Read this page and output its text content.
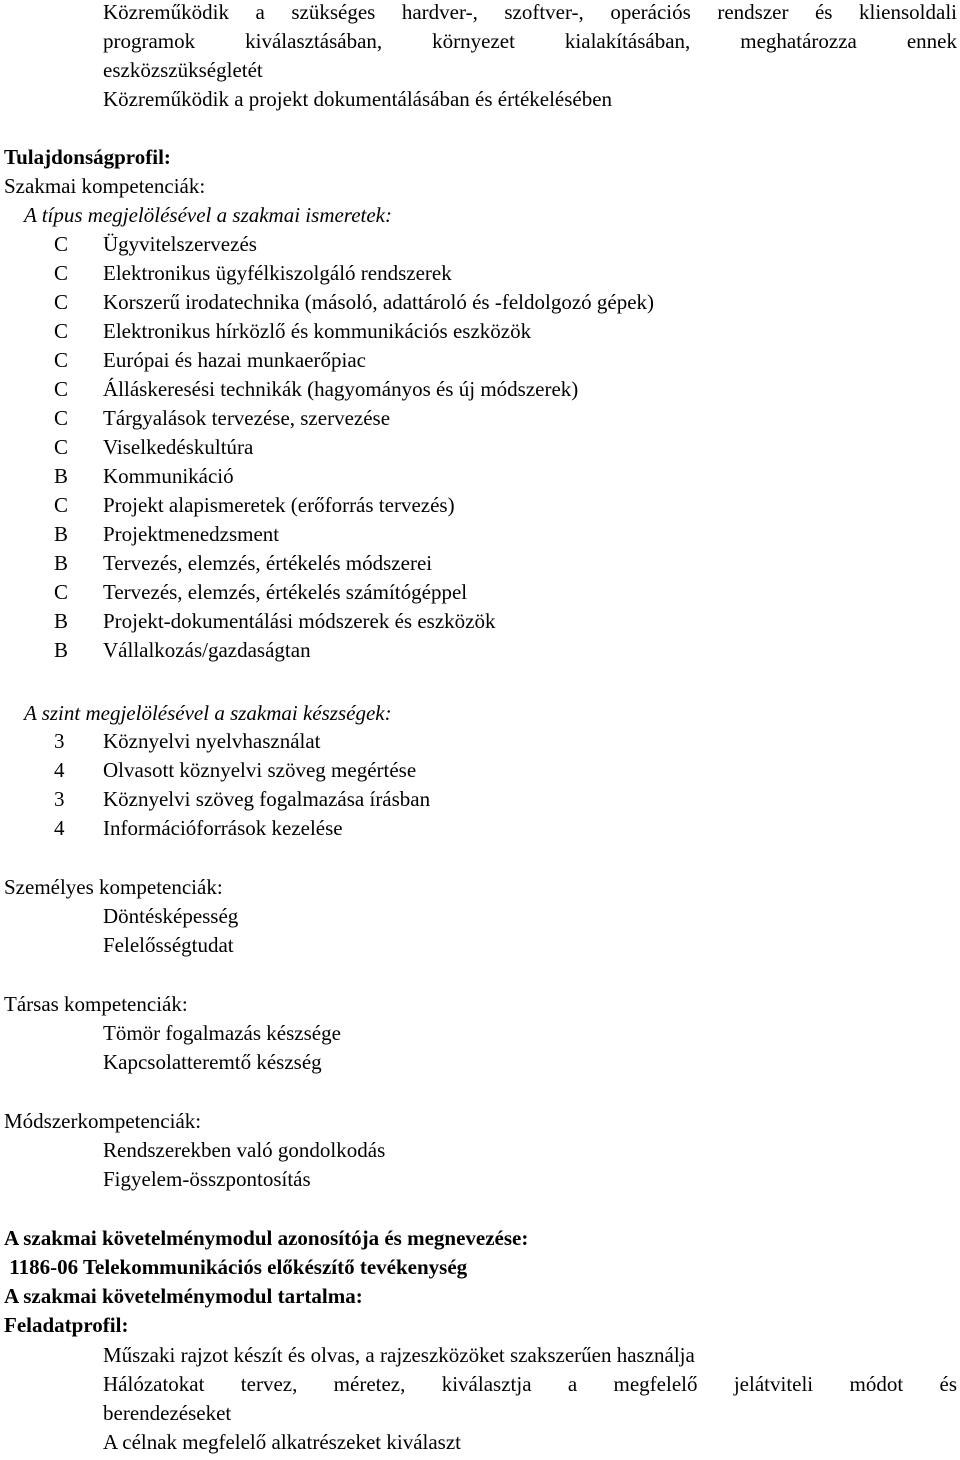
Közreműködik a szükséges hardver-, szoftver-, operációs rendszer és kliensoldali
programok kiválasztásában, környezet kialakításában, meghatározza ennek
eszközszükségletét
Közreműködik a projekt dokumentálásában és értékelésében
Tulajdonságprofil:
Szakmai kompetenciák:
A típus megjelölésével a szakmai ismeretek:
C Ügyvitelszervezés
C Elektronikus ügyfélkiszolgáló rendszerek
C Korszerű irodatechnika (másoló, adattároló és -feldolgozó gépek)
C Elektronikus hírközlő és kommunikációs eszközök
C Európai és hazai munkaerőpiac
C Álláskeresési technikák (hagyományos és új módszerek)
C Tárgyalások tervezése, szervezése
C Viselkedéskultúra
B Kommunikáció
C Projekt alapismeretek (erőforrás tervezés)
B Projektmenedzsment
B Tervezés, elemzés, értékelés módszerei
C Tervezés, elemzés, értékelés számítógéppel
B Projekt-dokumentálási módszerek és eszközök
B Vállalkozás/gazdaságtan
A szint megjelölésével a szakmai készségek:
3	Köznyelvi nyelvhasználat
4	Olvasott köznyelvi szöveg megértése
3	Köznyelvi szöveg fogalmazása írásban
4	Információforrások kezelése
Személyes kompetenciák:
Döntésképesség
Felelősségtudat
Társas kompetenciák:
Tömör fogalmazás készsége
Kapcsolatteremtő készség
Módszerkompetenciák:
Rendszerekben való gondolkodás
Figyelem-összpontosítás
A szakmai követelménymodul azonosítója és megnevezése:
1186-06 Telekommunikációs előkészítő tevékenység
A szakmai követelménymodul tartalma:
Feladatprofil:
Műszaki rajzot készít és olvas, a rajzeszközöket szakszerűen használja
Hálózatokat tervez, méretez, kiválasztja a megfelelő jelátviteli módot és
berendezéseket
A célnak megfelelő alkatrészeket kiválaszt
